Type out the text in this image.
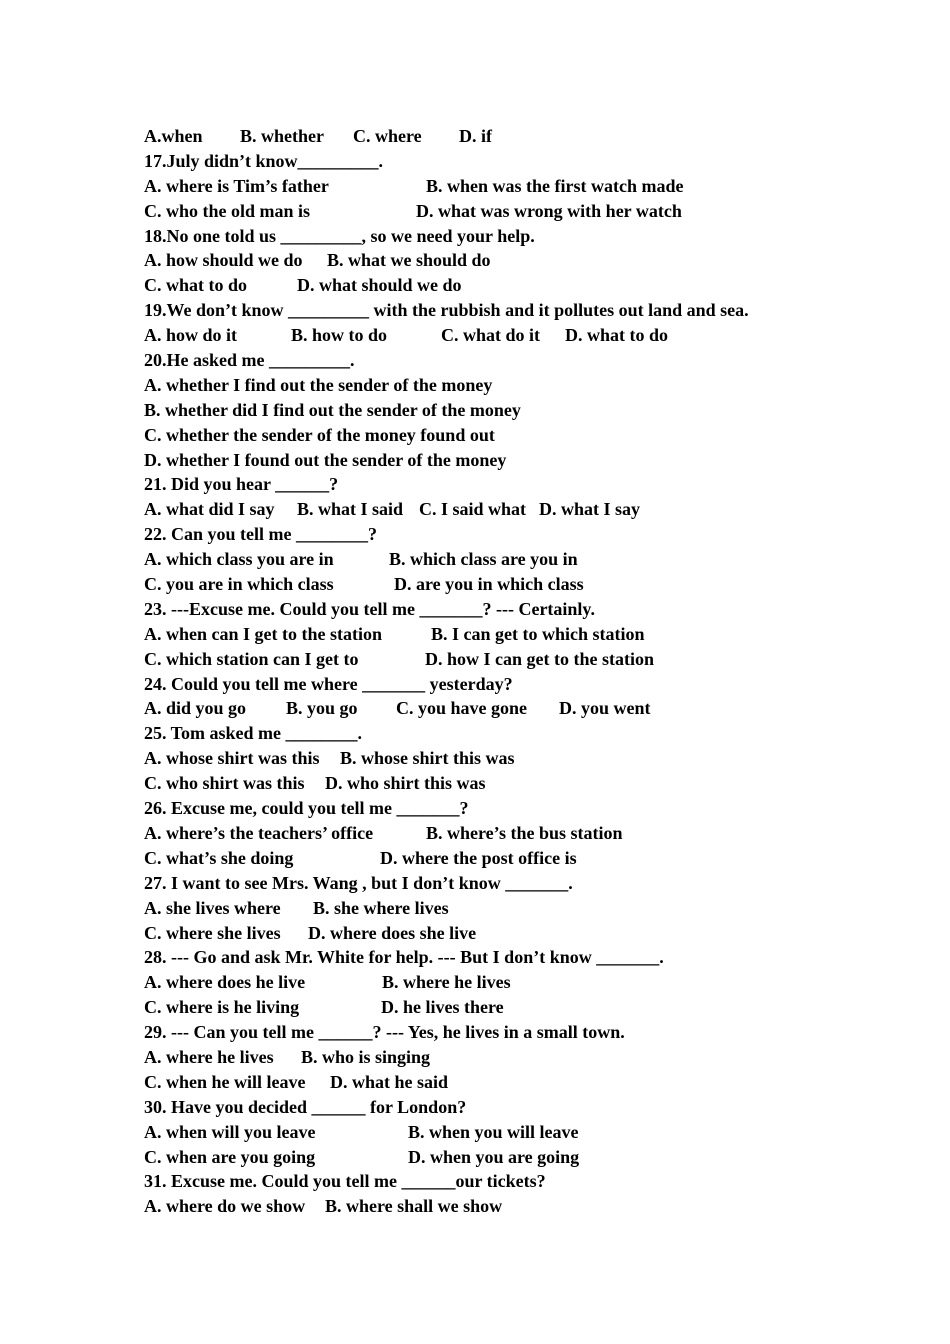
A.when B. whether C. where D. if
17.July didn’t know_________.
A. where is Tim’s father	B. when was the first watch made
C. who the old man is	D. what was wrong with her watch
18.No one told us _________, so we need your help.
A. how should we do B. what we should do
C. what to do	D. what should we do
19.We don’t know _________ with the rubbish and it pollutes out land and sea.
A. how do it	B. how to do	C. what do it D. what to do
20.He asked me _________.
A. whether I find out the sender of the money
B. whether did I find out the sender of the money
C. whether the sender of the money found out
D. whether I found out the sender of the money
21. Did you hear ______?
A. what did I say B. what I said C. I said what D. what I say
22. Can you tell me ________?
A. which class you are in	B. which class are you in
C. you are in which class	D. are you in which class
23. ---Excuse me. Could you tell me _______? --- Certainly.
A. when can I get to the station	B. I can get to which station
C. which station can I get to	D. how I can get to the station
24. Could you tell me where _______ yesterday?
A. did you go B. you go C. you have gone D. you went
25. Tom asked me ________.
A. whose shirt was this B. whose shirt this was
C. who shirt was this D. who shirt this was
26. Excuse me, could you tell me _______?
A. where’s the teachers’ office	B. where’s the bus station
C. what’s she doing	D. where the post office is
27. I want to see Mrs. Wang , but I don’t know _______.
A. she lives where B. she where lives
C. where she lives D. where does she live
28. --- Go and ask Mr. White for help. --- But I don’t know _______.
A. where does he live	B. where he lives
C. where is he living	D. he lives there
29. --- Can you tell me ______? --- Yes, he lives in a small town.
A. where he lives B. who is singing
C. when he will leave D. what he said
30. Have you decided ______ for London?
A. when will you leave	B. when you will leave
C. when are you going	D. when you are going
31. Excuse me. Could you tell me ______our tickets?
A. where do we show B. where shall we show
